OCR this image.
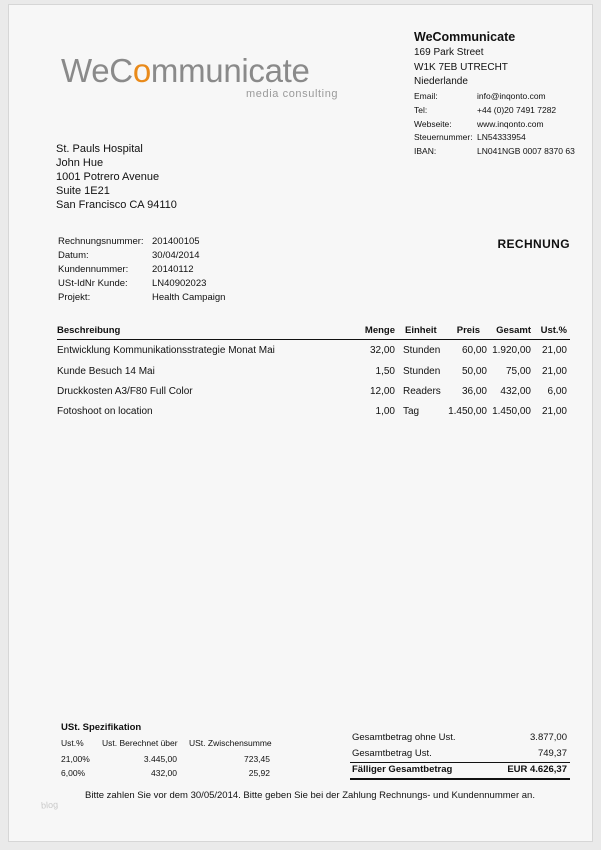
WeCommunicate
media consulting
WeCommunicate
169 Park Street
W1K 7EB UTRECHT
Niederlande
Email:	info@inqonto.com
Tel:	+44 (0)20 7491 7282
Webseite:	www.inqonto.com
Steuernummer: LN54333954
IBAN:	LN041NGB 0007 8370 63
St. Pauls Hospital
John Hue
1001 Potrero Avenue
Suite 1E21
San Francisco CA 94110
Rechnungsnummer: 201400105
Datum:	30/04/2014
Kundennummer:	20140112
USt-IdNr Kunde:	LN40902023
Projekt:	Health Campaign
RECHNUNG
Beschreibung	Menge Einheit Preis Gesamt Ust.%
Entwicklung Kommunikationsstrategie Monat Mai	32,00 Stunden 60,00 1.920,00 21,00
Kunde Besuch 14 Mai	1,50 Stunden 50,00 75,00 21,00
Druckkosten A3/F80 Full Color	12,00 Readers 36,00 432,00 6,00
Fotoshoot on location	1,00 Tag	1.450,00 1.450,00 21,00
USt. Spezifikation
Ust.% Ust. Berechnet über USt. Zwischensumme
21,00%	3.445,00	723,45
6,00%	432,00	25,92
Gesamtbetrag ohne Ust.	3.877,00
Gesamtbetrag Ust.	749,37
Fälliger Gesamtbetrag	EUR 4.626,37
Bitte zahlen Sie vor dem 30/05/2014. Bitte geben Sie bei der Zahlung Rechnungs- und Kundennummer an.
blog
